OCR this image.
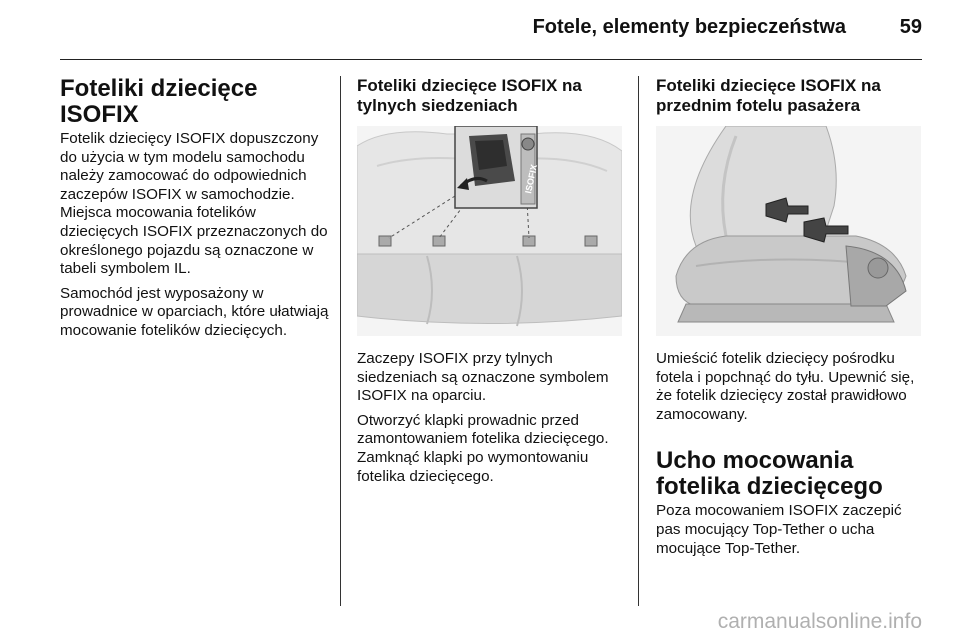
Fotele, elementy bezpieczeństwa	59
Foteliki dziecięce ISOFIX

Fotelik dziecięcy ISOFIX dopuszczony do użycia w tym modelu samochodu należy zamocować do odpowiednich zaczepów ISOFIX w samochodzie. Miejsca mocowania fotelików dziecięcych ISOFIX przeznaczonych do określonego pojazdu są oznaczone w tabeli symbolem IL.

Samochód jest wyposażony w prowadnice w oparciach, które ułatwiają mocowanie fotelików dziecięcych.

Foteliki dziecięce ISOFIX na tylnych siedzeniach
ISOFIX

Zaczepy ISOFIX przy tylnych siedzeniach są oznaczone symbolem ISOFIX na oparciu.

Otworzyć klapki prowadnic przed zamontowaniem fotelika dziecięcego. Zamknąć klapki po wymontowaniu fotelika dziecięcego.

Foteliki dziecięce ISOFIX na przednim fotelu pasażera

Umieścić fotelik dziecięcy pośrodku fotela i popchnąć do tyłu. Upewnić się, że fotelik dziecięcy został prawidłowo zamocowany.

Ucho mocowania fotelika dziecięcego

Poza mocowaniem ISOFIX zaczepić pas mocujący Top-Tether o ucha mocujące Top-Tether.

carmanualsonline.info
